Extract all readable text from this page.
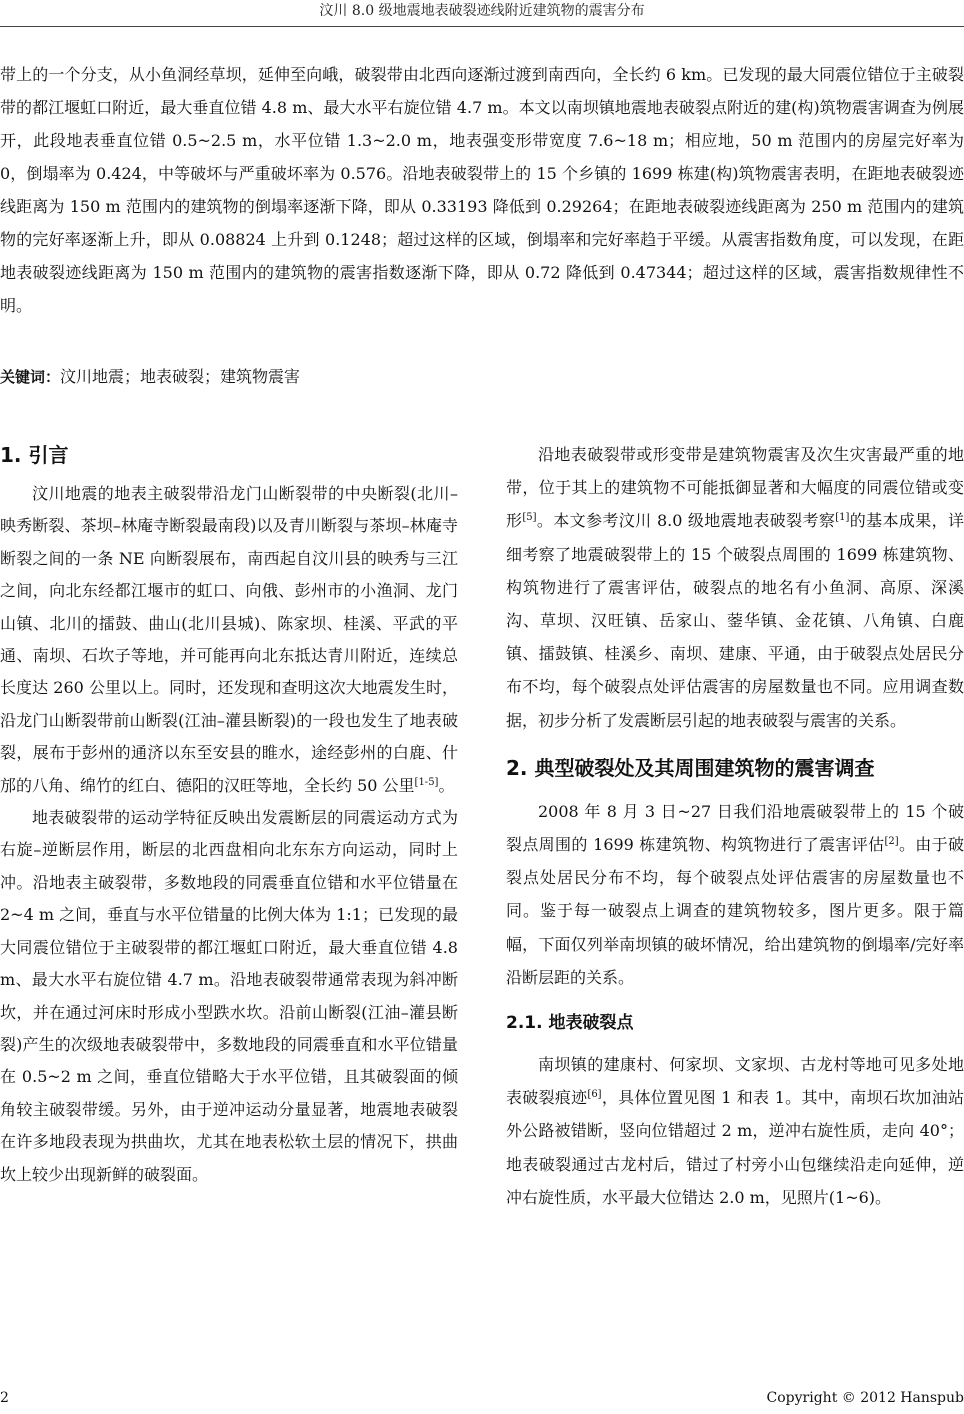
汶川 8.0 级地震地表破裂迹线附近建筑物的震害分布
带上的一个分支，从小鱼洞经草坝，延伸至向峨，破裂带由北西向逐渐过渡到南西向，全长约 6 km。已发现的最大同震位错位于主破裂带的都江堰虹口附近，最大垂直位错 4.8 m、最大水平右旋位错 4.7 m。本文以南坝镇地震地表破裂点附近的建(构)筑物震害调查为例展开，此段地表垂直位错 0.5~2.5 m，水平位错 1.3~2.0 m，地表强变形带宽度 7.6~18 m；相应地，50 m 范围内的房屋完好率为 0，倒塌率为 0.424，中等破坏与严重破坏率为 0.576。沿地表破裂带上的 15 个乡镇的 1699 栋建(构)筑物震害表明，在距地表破裂迹线距离为 150 m 范围内的建筑物的倒塌率逐渐下降，即从 0.33193 降低到 0.29264；在距地表破裂迹线距离为 250 m 范围内的建筑物的完好率逐渐上升，即从 0.08824 上升到 0.1248；超过这样的区域，倒塌率和完好率趋于平缓。从震害指数角度，可以发现，在距地表破裂迹线距离为 150 m 范围内的建筑物的震害指数逐渐下降，即从 0.72 降低到 0.47344；超过这样的区域，震害指数规律性不明。
关键词：汶川地震；地表破裂；建筑物震害
1. 引言

汶川地震的地表主破裂带沿龙门山断裂带的中央断裂(北川–映秀断裂、茶坝–林庵寺断裂最南段)以及青川断裂与茶坝–林庵寺断裂之间的一条 NE 向断裂展布，南西起自汶川县的映秀与三江之间，向北东经都江堰市的虹口、向俄、彭州市的小渔洞、龙门山镇、北川的擂鼓、曲山(北川县城)、陈家坝、桂溪、平武的平通、南坝、石坎子等地，并可能再向北东抵达青川附近，连续总长度达 260 公里以上。同时，还发现和查明这次大地震发生时，沿龙门山断裂带前山断裂(江油–灌县断裂)的一段也发生了地表破裂，展布于彭州的通济以东至安县的睢水，途经彭州的白鹿、什邡的八角、绵竹的红白、德阳的汉旺等地，全长约 50 公里[1-5]。

地表破裂带的运动学特征反映出发震断层的同震运动方式为右旋–逆断层作用，断层的北西盘相向北东东方向运动，同时上冲。沿地表主破裂带，多数地段的同震垂直位错和水平位错量在 2~4 m 之间，垂直与水平位错量的比例大体为 1:1；已发现的最大同震位错位于主破裂带的都江堰虹口附近，最大垂直位错 4.8 m、最大水平右旋位错 4.7 m。沿地表破裂带通常表现为斜冲断坎，并在通过河床时形成小型跌水坎。沿前山断裂(江油–灌县断裂)产生的次级地表破裂带中，多数地段的同震垂直和水平位错量在 0.5~2 m 之间，垂直位错略大于水平位错，且其破裂面的倾角较主破裂带缓。另外，由于逆冲运动分量显著，地震地表破裂在许多地段表现为拱曲坎，尤其在地表松软土层的情况下，拱曲坎上较少出现新鲜的破裂面。

沿地表破裂带或形变带是建筑物震害及次生灾害最严重的地带，位于其上的建筑物不可能抵御显著和大幅度的同震位错或变形[5]。本文参考汶川 8.0 级地震地表破裂考察[1]的基本成果，详细考察了地震破裂带上的 15 个破裂点周围的 1699 栋建筑物、构筑物进行了震害评估，破裂点的地名有小鱼洞、高原、深溪沟、草坝、汉旺镇、岳家山、蓥华镇、金花镇、八角镇、白鹿镇、擂鼓镇、桂溪乡、南坝、建康、平通，由于破裂点处居民分布不均，每个破裂点处评估震害的房屋数量也不同。应用调查数据，初步分析了发震断层引起的地表破裂与震害的关系。

2. 典型破裂处及其周围建筑物的震害调查

2008 年 8 月 3 日~27 日我们沿地震破裂带上的 15 个破裂点周围的 1699 栋建筑物、构筑物进行了震害评估[2]。由于破裂点处居民分布不均，每个破裂点处评估震害的房屋数量也不同。鉴于每一破裂点上调查的建筑物较多，图片更多。限于篇幅，下面仅列举南坝镇的破坏情况，给出建筑物的倒塌率/完好率沿断层距的关系。

2.1. 地表破裂点

南坝镇的建康村、何家坝、文家坝、古龙村等地可见多处地表破裂痕迹[6]，具体位置见图 1 和表 1。其中，南坝石坎加油站外公路被错断，竖向位错超过 2 m，逆冲右旋性质，走向 40°；地表破裂通过古龙村后，错过了村旁小山包继续沿走向延伸，逆冲右旋性质，水平最大位错达 2.0 m，见照片(1~6)。

2	Copyright © 2012 Hanspub
